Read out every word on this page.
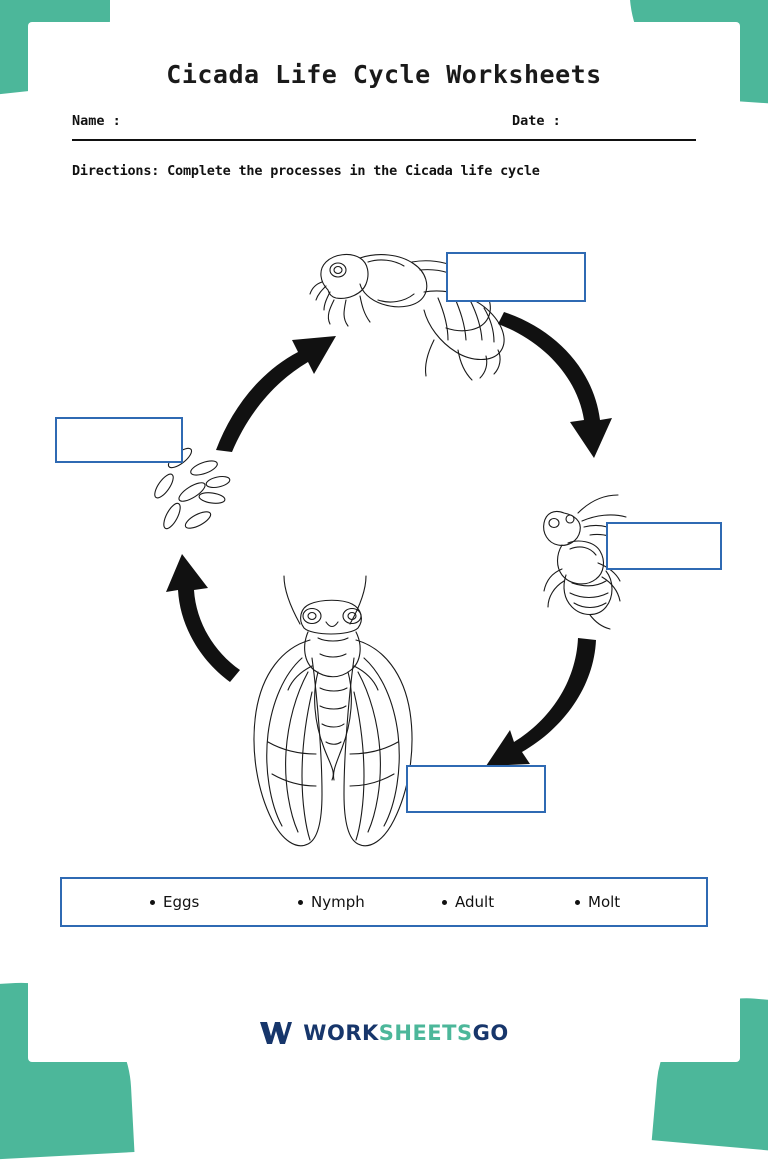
Cicada Life Cycle Worksheets
Name :	Date :
Directions: Complete the processes in the Cicada life cycle
Eggs	Nymph	Adult	Molt
WORKSHEETSGO
